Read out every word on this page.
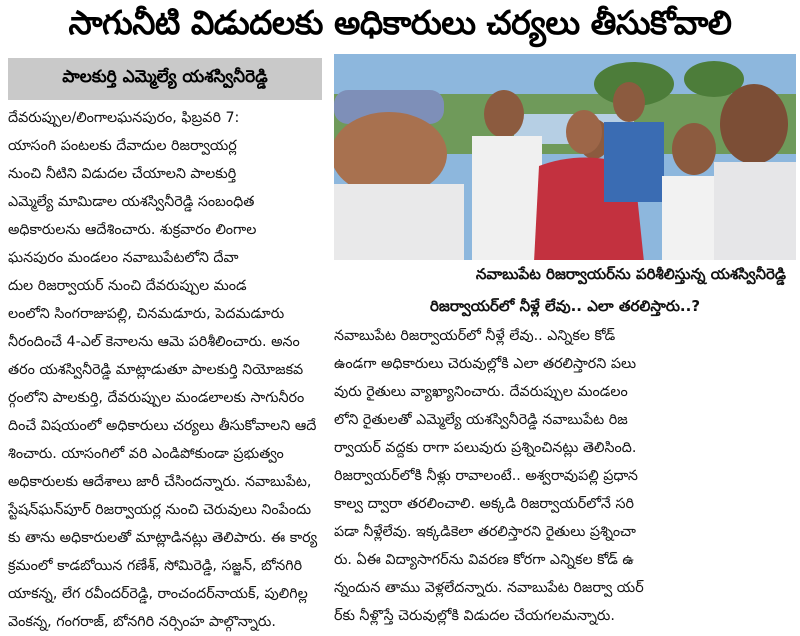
సాగునీటి విడుదలకు అధికారులు చర్యలు తీసుకోవాలి
పాలకుర్తి ఎమ్మెల్యే యశస్వినీరెడ్డి
నవాబుపేట రిజర్వాయర్‌ను పరిశీలిస్తున్న యశస్వినీరెడ్డి
రిజర్వాయర్‌లో నీళ్లే లేవు.. ఎలా తరలిస్తారు..?
దేవరుప్పుల/లింగాలఘనపురం, ఫిబ్రవరి 7:
యాసంగి పంటలకు దేవాదుల రిజర్వాయర్ల
నుంచి నీటిని విడుదల చేయాలని పాలకుర్తి
ఎమ్మెల్యే మామిడాల యశస్వినీరెడ్డి సంబంధిత
అధికారులను ఆదేశించారు. శుక్రవారం లింగాల
ఘనపురం మండలం నవాబుపేటలోని దేవా
దుల రిజర్వాయర్ నుంచి దేవరుప్పుల మండ
లంలోని సింగరాజుపల్లి, చినమడూరు, పెదమడూరు
నీరందించే 4-ఎల్ కెనాలను ఆమె పరిశీలించారు. అనం
తరం యశస్వినీరెడ్డి మాట్లాడుతూ పాలకుర్తి నియోజకవ
ర్గంలోని పాలకుర్తి, దేవరుప్పుల మండలాలకు సాగునీరం
దించే విషయంలో అధికారులు చర్యలు తీసుకోవాలని ఆదే
శించారు. యాసంగిలో వరి ఎండిపోకుండా ప్రభుత్వం
అధికారులకు ఆదేశాలు జారీ చేసిందన్నారు. నవాబుపేట,
స్టేషన్‌ఘన్‌పూర్ రిజర్వాయర్ల నుంచి చెరువులు నింపేందు
కు తాను అధికారులతో మాట్లాడినట్లు తెలిపారు. ఈ కార్య
క్రమంలో కాడబోయిన గణేశ్, సోమిరెడ్డి, సజ్జన్, బోనగిరి
యాకన్న, లేగ రవీందర్‌రెడ్డి, రాంచందర్‌నాయక్, పులిగిల్ల
వెంకన్న, గంగరాజ్, బోనగిరి నర్సింహ పాల్గొన్నారు.
నవాబుపేట రిజర్వాయర్‌లో నీళ్లే లేవు.. ఎన్నికల కోడ్
ఉండగా అధికారులు చెరువుల్లోకి ఎలా తరలిస్తారని పలు
వురు రైతులు వ్యాఖ్యానించారు. దేవరుప్పుల మండలం
లోని రైతులతో ఎమ్మెల్యే యశస్వినీరెడ్డి నవాబుపేట రిజ
ర్వాయర్ వద్దకు రాగా పలువురు ప్రశ్నించినట్లు తెలిసింది.
రిజర్వాయర్‌లోకి నీళ్లు రావాలంటే.. అశ్వరావుపల్లి ప్రధాన
కాల్వ ద్వారా తరలించాలి. అక్కడి రిజర్వాయర్‌లోనే సరి
పడా నీళ్లేలేవు. ఇక్కడికెలా తరలిస్తారని రైతులు ప్రశ్నించా
రు. ఏఈ విద్యాసాగర్‌ను వివరణ కోరగా ఎన్నికల కోడ్ ఉ
న్నందున తాము వెళ్లలేదన్నారు. నవాబుపేట రిజర్వా యర్
ర్‌కు నీళ్లొస్తే చెరువుల్లోకి విడుదల చేయగలమన్నారు.
